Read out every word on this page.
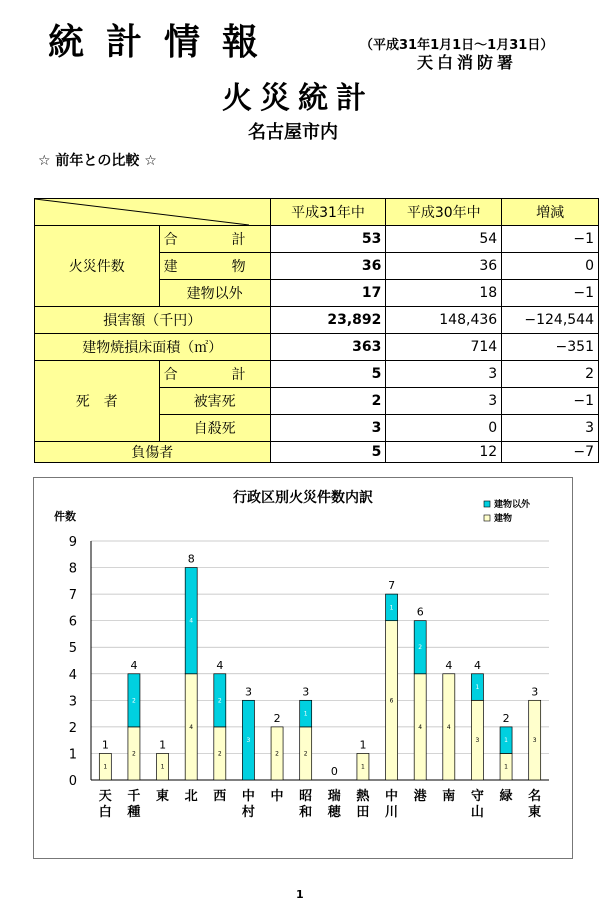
統計情報	（平成31年1月1日～1月31日）
天白消防署
火災統計
名古屋市内
☆ 前年との比較 ☆
	平成31年中	平成30年中	増減
火災件数	合　計	53	54	−1
	建　物	36	36	0
	建物以外	17	18	−1
損害額（千円）		23,892	148,436	−124,544
建物焼損床面積（㎡）		363	714	−351
死　者	合　計	5	3	2
	被害死	2	3	−1
	自殺死	3	0	3
負傷者		5	12	−7
行政区別火災件数内訳
件数
建物以外
建物
0
1
2
3
4
5
6
7
8
9
1
1
天
白
2
2
4
千
種
1
1
東
4
4
8
北
2
2
4
西
3
3
中
村
2
2
中
2
1
3
昭
和
0
瑞
穂
1
1
熱
田
6
1
7
中
川
4
2
6
港
4
4
南
3
1
4
守
山
1
1
2
緑
3
3
名
東
1
